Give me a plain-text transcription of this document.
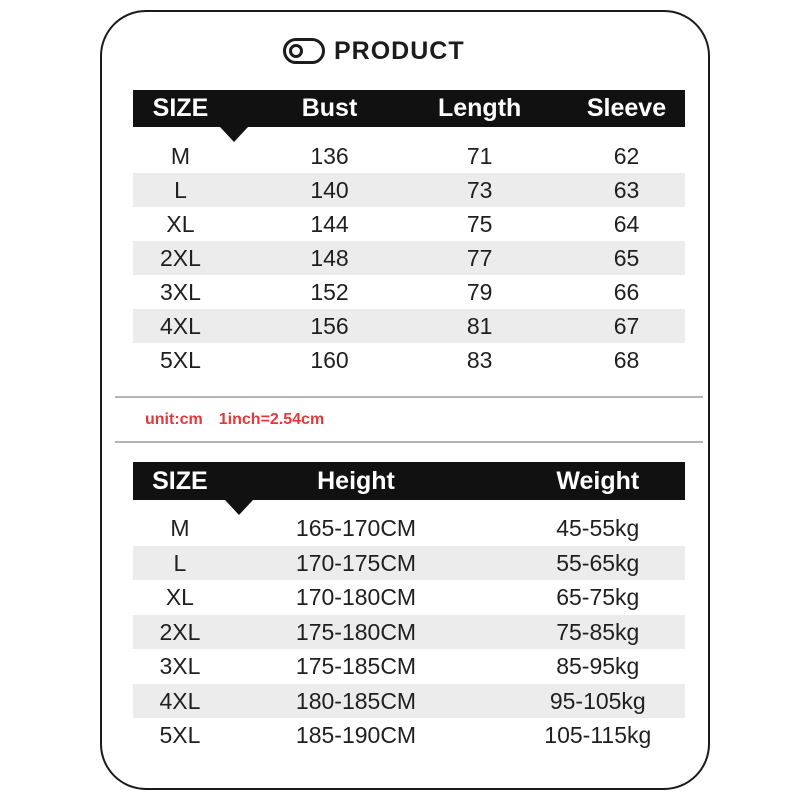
PRODUCT
SIZE	Bust	Length	Sleeve
M	136	71	62
L	140	73	63
XL	144	75	64
2XL	148	77	65
3XL	152	79	66
4XL	156	81	67
5XL	160	83	68
unit:cm 1inch=2.54cm
SIZE	Height	Weight
M	165-170CM	45-55kg
L	170-175CM	55-65kg
XL	170-180CM	65-75kg
2XL	175-180CM	75-85kg
3XL	175-185CM	85-95kg
4XL	180-185CM	95-105kg
5XL	185-190CM	105-115kg
